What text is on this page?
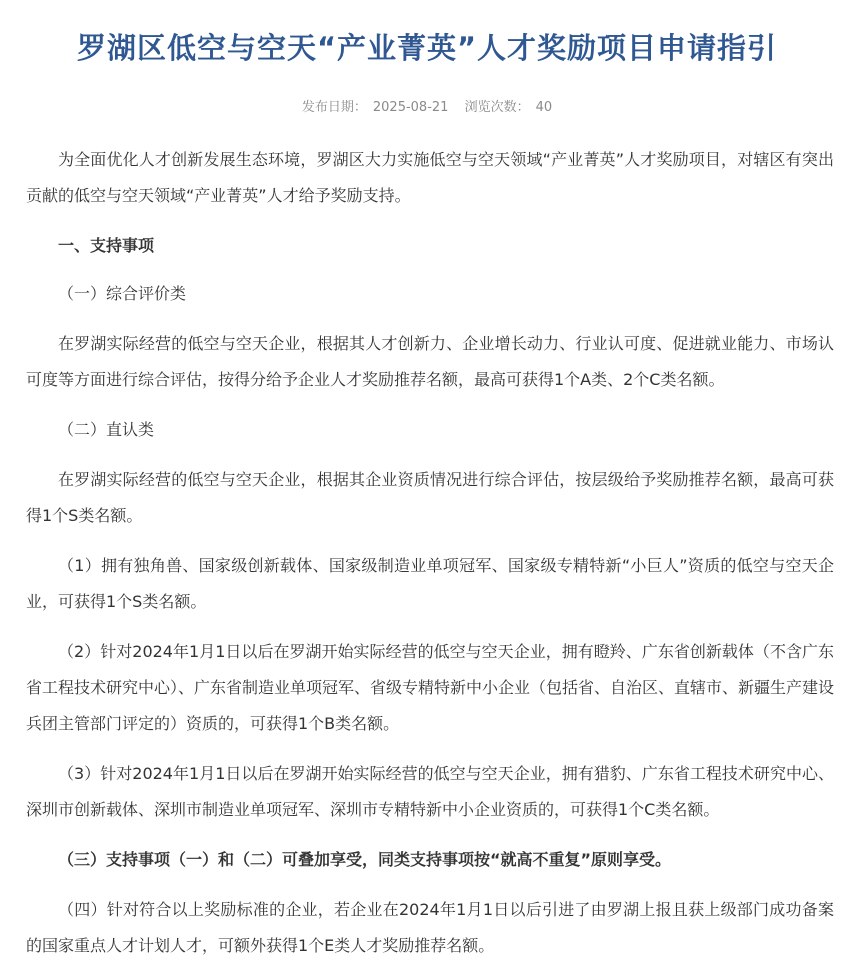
罗湖区低空与空天“产业菁英”人才奖励项目申请指引
发布日期： 2025-08-21 浏览次数： 40

为全面优化人才创新发展生态环境，罗湖区大力实施低空与空天领域“产业菁英”人才奖励项目，对辖区有突出贡献的低空与空天领域“产业菁英”人才给予奖励支持。

一、支持事项

（一）综合评价类

在罗湖实际经营的低空与空天企业，根据其人才创新力、企业增长动力、行业认可度、促进就业能力、市场认可度等方面进行综合评估，按得分给予企业人才奖励推荐名额，最高可获得1个A类、2个C类名额。

（二）直认类

在罗湖实际经营的低空与空天企业，根据其企业资质情况进行综合评估，按层级给予奖励推荐名额，最高可获得1个S类名额。

（1）拥有独角兽、国家级创新载体、国家级制造业单项冠军、国家级专精特新“小巨人”资质的低空与空天企业，可获得1个S类名额。

（2）针对2024年1月1日以后在罗湖开始实际经营的低空与空天企业，拥有瞪羚、广东省创新载体（不含广东省工程技术研究中心）、广东省制造业单项冠军、省级专精特新中小企业（包括省、自治区、直辖市、新疆生产建设兵团主管部门评定的）资质的，可获得1个B类名额。

（3）针对2024年1月1日以后在罗湖开始实际经营的低空与空天企业，拥有猎豹、广东省工程技术研究中心、深圳市创新载体、深圳市制造业单项冠军、深圳市专精特新中小企业资质的，可获得1个C类名额。

（三）支持事项（一）和（二）可叠加享受，同类支持事项按“就高不重复”原则享受。

（四）针对符合以上奖励标准的企业，若企业在2024年1月1日以后引进了由罗湖上报且获上级部门成功备案的国家重点人才计划人才，可额外获得1个E类人才奖励推荐名额。
